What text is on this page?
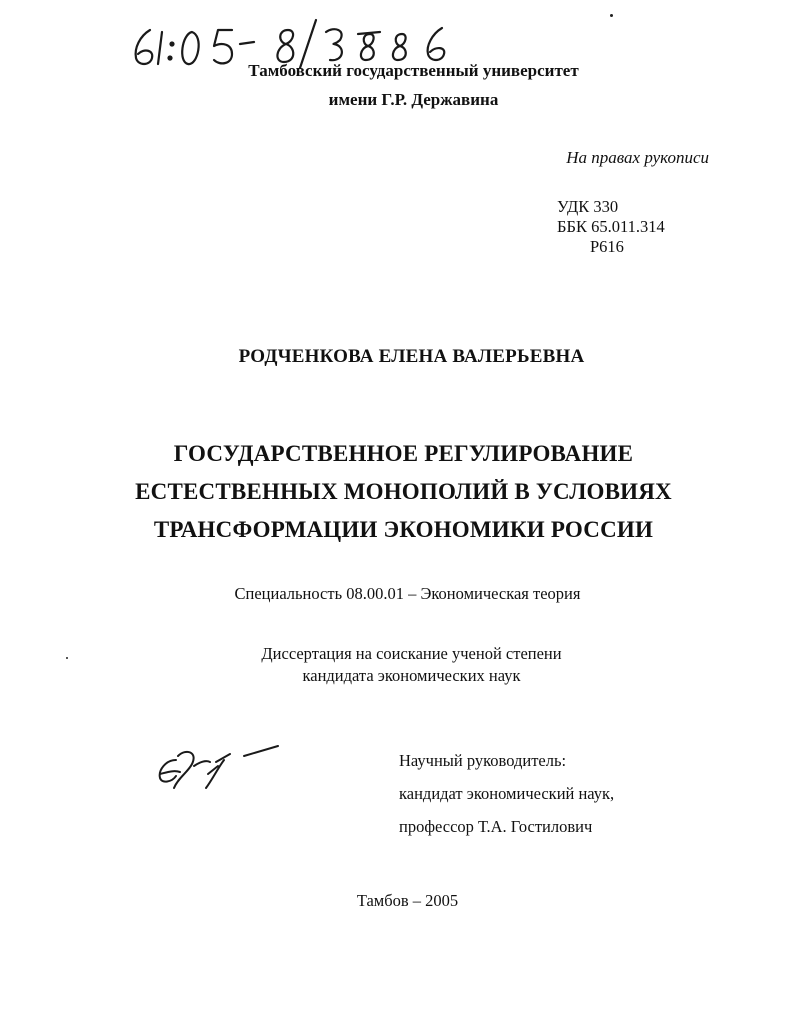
Тамбовский государственный университет
имени Г.Р. Державина
На правах рукописи
УДК 330
ББК 65.011.314
Р616
РОДЧЕНКОВА ЕЛЕНА ВАЛЕРЬЕВНА
ГОСУДАРСТВЕННОЕ РЕГУЛИРОВАНИЕ
ЕСТЕСТВЕННЫХ МОНОПОЛИЙ В УСЛОВИЯХ
ТРАНСФОРМАЦИИ ЭКОНОМИКИ РОССИИ
Специальность 08.00.01 – Экономическая теория
Диссертация на соискание ученой степени
кандидата экономических наук
Научный руководитель:
кандидат экономический наук,
профессор Т.А. Гостилович
Тамбов – 2005
